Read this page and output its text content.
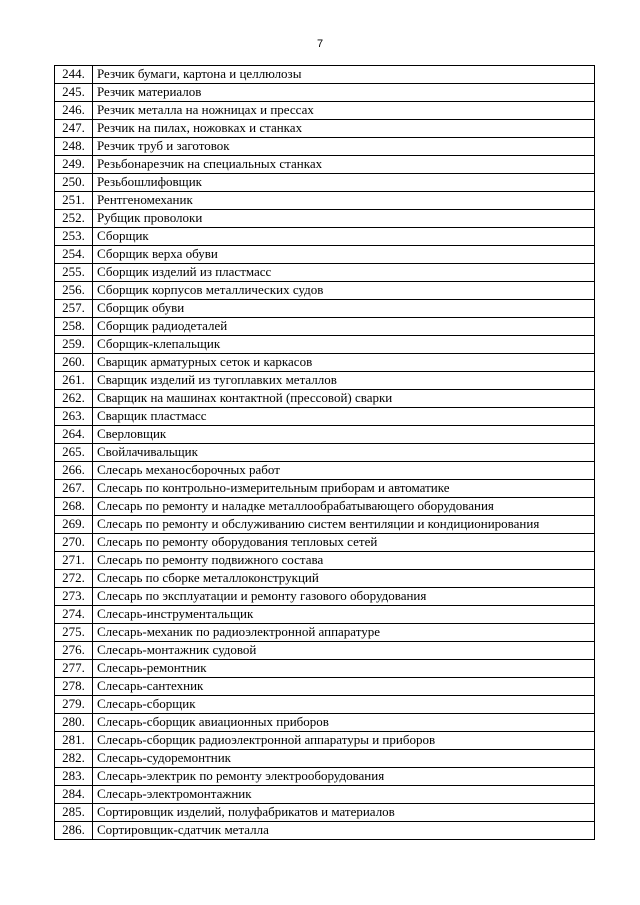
7
244.	Резчик бумаги, картона и целлюлозы
245.	Резчик материалов
246.	Резчик металла на ножницах и прессах
247.	Резчик на пилах, ножовках и станках
248.	Резчик труб и заготовок
249.	Резьбонарезчик на специальных станках
250.	Резьбошлифовщик
251.	Рентгеномеханик
252.	Рубщик проволоки
253.	Сборщик
254.	Сборщик верха обуви
255.	Сборщик изделий из пластмасс
256.	Сборщик корпусов металлических судов
257.	Сборщик обуви
258.	Сборщик радиодеталей
259.	Сборщик-клепальщик
260.	Сварщик арматурных сеток и каркасов
261.	Сварщик изделий из тугоплавких металлов
262.	Сварщик на машинах контактной (прессовой) сварки
263.	Сварщик пластмасс
264.	Сверловщик
265.	Свойлачивальщик
266.	Слесарь механосборочных работ
267.	Слесарь по контрольно-измерительным приборам и автоматике
268.	Слесарь по ремонту и наладке металлообрабатывающего оборудования
269.	Слесарь по ремонту и обслуживанию систем вентиляции и кондиционирования
270.	Слесарь по ремонту оборудования тепловых сетей
271.	Слесарь по ремонту подвижного состава
272.	Слесарь по сборке металлоконструкций
273.	Слесарь по эксплуатации и ремонту газового оборудования
274.	Слесарь-инструментальщик
275.	Слесарь-механик по радиоэлектронной аппаратуре
276.	Слесарь-монтажник судовой
277.	Слесарь-ремонтник
278.	Слесарь-сантехник
279.	Слесарь-сборщик
280.	Слесарь-сборщик авиационных приборов
281.	Слесарь-сборщик радиоэлектронной аппаратуры и приборов
282.	Слесарь-судоремонтник
283.	Слесарь-электрик по ремонту электрооборудования
284.	Слесарь-электромонтажник
285.	Сортировщик изделий, полуфабрикатов и материалов
286.	Сортировщик-сдатчик металла
